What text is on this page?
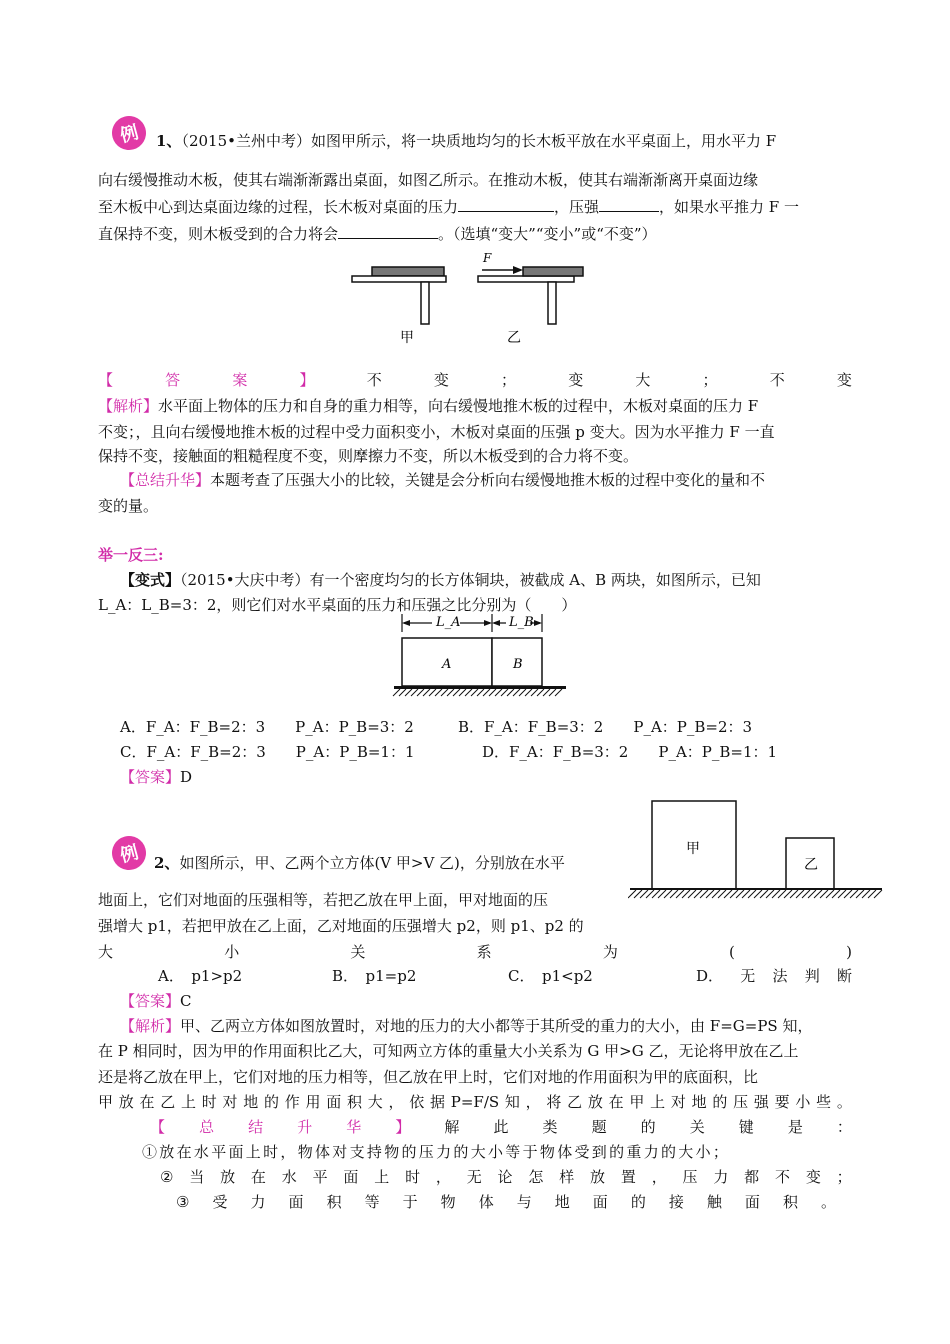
例	1、（2015•兰州中考）如图甲所示，将一块质地均匀的长木板平放在水平桌面上，用水平力 F
向右缓慢推动木板，使其右端渐渐露出桌面，如图乙所示。在推动木板，使其右端渐渐离开桌面边缘
至木板中心到达桌面边缘的过程，长木板对桌面的压力	，压强	，如果水平推力 F 一
直保持不变，则木板受到的合力将会	。（选填“变大”“变小”或“不变”）
F
甲	乙
【	答	案	】	不	变	；	变	大	；	不	变
【解析】水平面上物体的压力和自身的重力相等，向右缓慢地推木板的过程中，木板对桌面的压力 F
不变；，且向右缓慢地推木板的过程中受力面积变小，木板对桌面的压强 p 变大。因为水平推力 F 一直
保持不变，接触面的粗糙程度不变，则摩擦力不变，所以木板受到的合力将不变。
【总结升华】本题考查了压强大小的比较，关键是会分析向右缓慢地推木板的过程中变化的量和不
变的量。
举一反三:
【变式】（2015•大庆中考）有一个密度均匀的长方体铜块，被截成 A、B 两块，如图所示，已知
L_A：L_B=3：2，则它们对水平桌面的压力和压强之比分别为（　　）
L_A	L_B
A	B
A．F_A：F_B=2：3　　P_A：P_B=3：2	B．F_A：F_B=3：2　　P_A：P_B=2：3
C．F_A：F_B=2：3　　P_A：P_B=1：1	D．F_A：F_B=3：2　　P_A：P_B=1：1
【答案】D
甲
乙
例 2、如图所示，甲、乙两个立方体(V 甲>V 乙)，分别放在水平
地面上，它们对地面的压强相等，若把乙放在甲上面，甲对地面的压
强增大 p1，若把甲放在乙上面，乙对地面的压强增大 p2，则 p1、p2 的
大	小	关	系	为	(	)
A．　p1>p2	B．　p1=p2	C．　p1<p2	D． 无 法 判 断
【答案】C
【解析】甲、乙两立方体如图放置时，对地的压力的大小都等于其所受的重力的大小，由 F=G=PS 知，
在 P 相同时，因为甲的作用面积比乙大，可知两立方体的重量大小关系为 G 甲>G 乙，无论将甲放在乙上
还是将乙放在甲上，它们对地的压力相等，但乙放在甲上时，它们对地的作用面积为甲的底面积，比
甲 放 在 乙 上 时 对 地 的 作 用 面 积 大 ， 依 据 P=F/S 知 ， 将 乙 放 在 甲 上 对 地 的 压 强 要 小 些 。
【 总 结 升 华 】 解 此 类 题 的 关 键 是 ：
①放在水平面上时，物体对支持物的压力的大小等于物体受到的重力的大小；
② 当 放 在 水 平 面 上 时 ， 无 论 怎 样 放 置 ， 压 力 都 不 变 ；
③ 受 力 面 积 等 于 物 体 与 地 面 的 接 触 面 积 。
